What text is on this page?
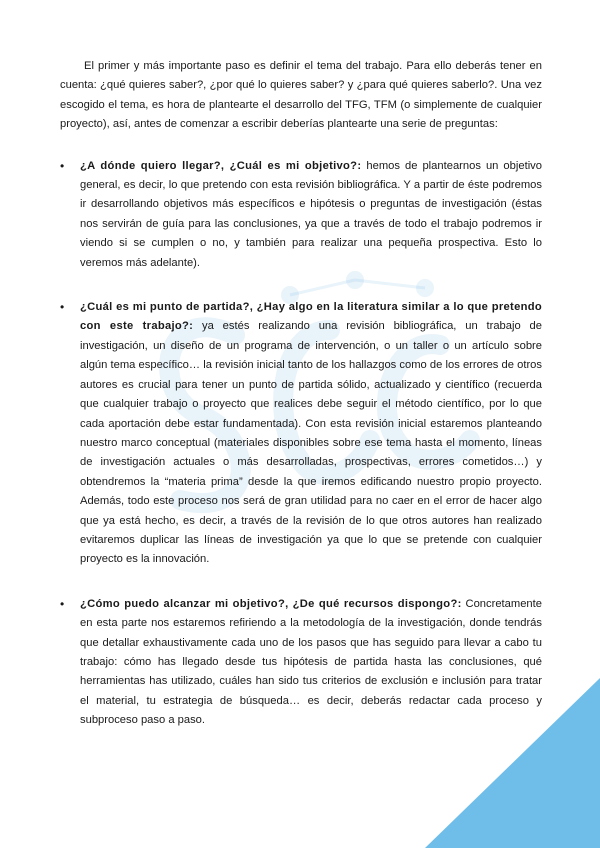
El primer y más importante paso es definir el tema del trabajo. Para ello deberás tener en cuenta: ¿qué quieres saber?, ¿por qué lo quieres saber? y ¿para qué quieres saberlo?. Una vez escogido el tema, es hora de plantearte el desarrollo del TFG, TFM (o simplemente de cualquier proyecto), así, antes de comenzar a escribir deberías plantearte una serie de preguntas:

• ¿A dónde quiero llegar?, ¿Cuál es mi objetivo?: hemos de plantearnos un objetivo general, es decir, lo que pretendo con esta revisión bibliográfica. Y a partir de éste podremos ir desarrollando objetivos más específicos e hipótesis o preguntas de investigación (éstas nos servirán de guía para las conclusiones, ya que a través de todo el trabajo podremos ir viendo si se cumplen o no, y también para realizar una pequeña prospectiva. Esto lo veremos más adelante).
• ¿Cuál es mi punto de partida?, ¿Hay algo en la literatura similar a lo que pretendo con este trabajo?: ya estés realizando una revisión bibliográfica, un trabajo de investigación, un diseño de un programa de intervención, o un taller o un artículo sobre algún tema específico… la revisión inicial tanto de los hallazgos como de los errores de otros autores es crucial para tener un punto de partida sólido, actualizado y científico (recuerda que cualquier trabajo o proyecto que realices debe seguir el método científico, por lo que cada aportación debe estar fundamentada). Con esta revisión inicial estaremos planteando nuestro marco conceptual (materiales disponibles sobre ese tema hasta el momento, líneas de investigación actuales o más desarrolladas, prospectivas, errores cometidos…) y obtendremos la “materia prima” desde la que iremos edificando nuestro propio proyecto. Además, todo este proceso nos será de gran utilidad para no caer en el error de hacer algo que ya está hecho, es decir, a través de la revisión de lo que otros autores han realizado evitaremos duplicar las líneas de investigación ya que lo que se pretende con cualquier proyecto es la innovación.
• ¿Cómo puedo alcanzar mi objetivo?, ¿De qué recursos dispongo?: Concretamente en esta parte nos estaremos refiriendo a la metodología de la investigación, donde tendrás que detallar exhaustivamente cada uno de los pasos que has seguido para llevar a cabo tu trabajo: cómo has llegado desde tus hipótesis de partida hasta las conclusiones, qué herramientas has utilizado, cuáles han sido tus criterios de exclusión e inclusión para tratar el material, tu estrategia de búsqueda… es decir, deberás redactar cada proceso y subproceso paso a paso.
